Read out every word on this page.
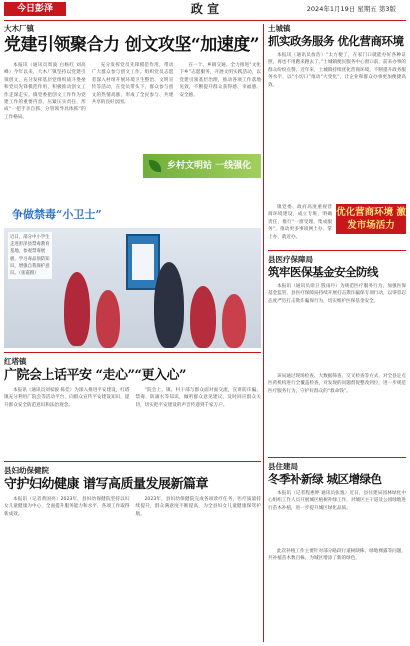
今日彭泽	政 宣	2024年1月19日 星期五 第3版
大木厂镇
党建引领聚合力 创文攻坚“加速度”
本报讯（通讯员周波 白杨红 刘高峰）今年以来，大木厂镇坚持以党建引领创文，充分发挥基层党组织战斗堡垒和党员先锋模范作用，积极推动创文工作走深走实。镇党委把创文工作作为党建工作的重要内容，压紧压实责任，形成“一把手亲自抓、分管领导具体抓”的工作格局。
充分发挥党员先锋模范作用，带动广大群众参与创文工作。组织党员志愿者深入村组开展环境卫生整治、文明宣传等活动，在党员带头下，群众参与创文的热情高涨，形成了全民参与、共建共享的良好氛围。
在一个、乡镇交通、全力推进“文化下乡”志愿服务，开展文明实践活动，以党建引领基层治理，推动各项工作落地见效，不断提升群众获得感、幸福感、安全感。
乡村文明站 一线强化
争做禁毒“小卫士”
近日，部分中小学生走进彭泽县禁毒教育基地，参观禁毒展板，学习毒品预防知识，增强自我保护意识。（张霞摄）
红塔镇
广院会上话平安 “走心”“更入心”
本报讯（通讯员刘家骏 陈佳）为深入推进平安建设，红塔镇充分利用广院会等活动平台，向群众宣传平安建设知识，提升群众安全防范意识和法治观念。
“院会上，镇、村干部与群众面对面交流，宣讲防诈骗、禁毒、防溺水等知识，倾听群众意见建议，及时回应群众关切，切实把平安建设的声音传递到千家万户。
县妇幼保健院
守护妇幼健康 谱写高质量发展新篇章
本报讯（记者黄国亮）2023年，县妇幼保健院坚持以妇女儿童健康为中心，全面提升服务能力和水平，各项工作取得新成效。
2023年，县妇幼保健院完成各项诊疗任务，医疗质量持续提升，群众满意度不断提高，为全县妇女儿童健康保驾护航。
土城镇
抓实政务服务 优化营商环境
本报讯（通讯员詹浩）“太方便了，在家门口就能办好各种证照，再也不用跑来跑去了。”土城镇便民服务中心窗口前，前来办事的群众纷纷点赞。近年来，土城镇持续优化营商环境，不断提升政务服务水平，以“小切口”推动“大变化”，让企业和群众办事更加便捷高效。
镇党委、政府高度重视营商环境建设，成立专班，明确责任，推行“一窗受理、集成服务”，推动更多事项网上办、掌上办、就近办。
优化营商环境 激发市场活力
县医疗保障局
筑牢医保基金安全防线
本报讯（通讯员徐卫 殷雨丹）为规范医疗服务行为，加强医保基金监管，县医疗保障局持续开展打击欺诈骗保专项行动，以零容忍态度严厉打击欺诈骗保行为，切实维护医保基金安全。
该局通过现场检查、大数据筛查、交叉检查等方式，对全县定点医药机构进行全覆盖检查，对发现的问题督促整改到位，进一步规范医疗服务行为，守护好群众的“救命钱”。
县住建局
冬季补新绿 城区增绿色
本报讯（记者程惠婷 通讯员张逸）近日，县住建局园林绿化中心组织工作人员开展城区植树补绿工作，对城区主干道及公园绿地进行苗木补植，进一步提升城区绿化品质。
此次补植工作主要针对部分路段行道树缺株、绿地裸露等问题，共补植苗木数百株，为城区增添了新的绿色。
